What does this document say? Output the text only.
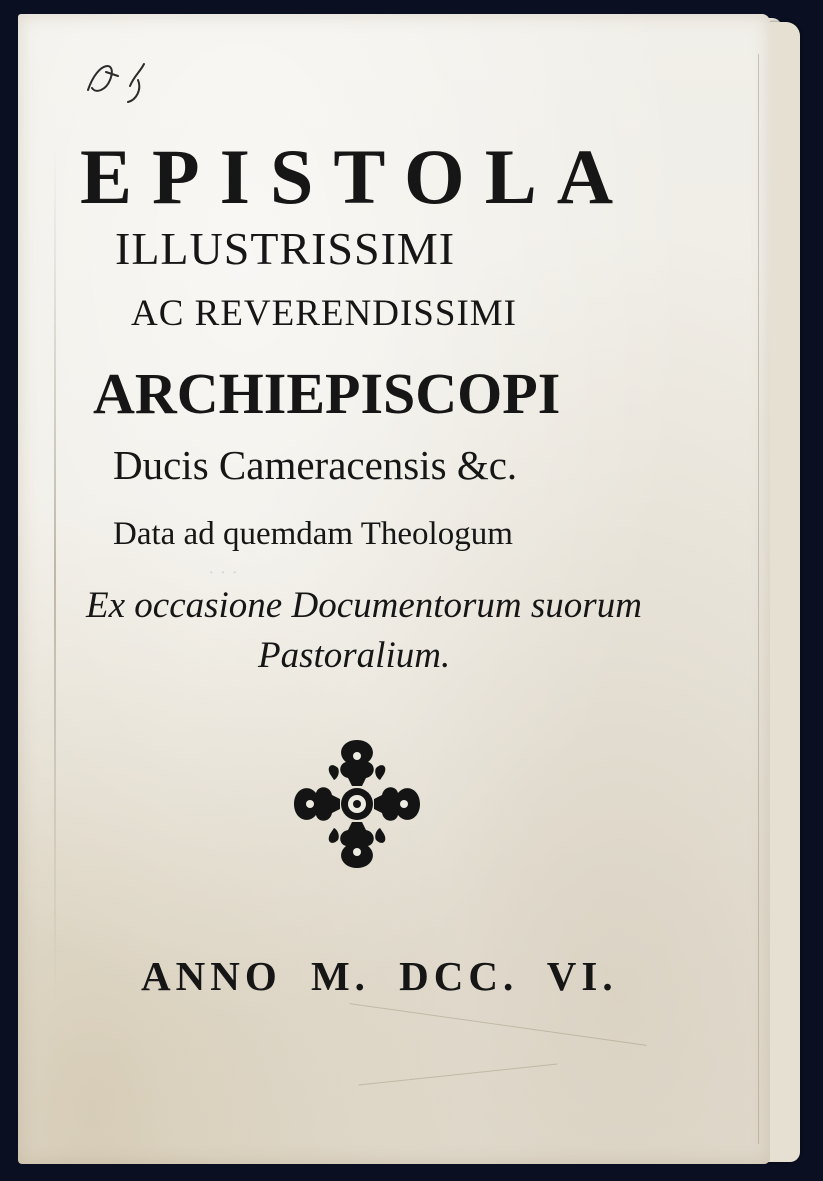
· · ·
EPISTOLA
ILLUSTRISSIMI
AC REVERENDISSIMI
ARCHIEPISCOPI
Ducis Cameracensis &c.
Data ad quemdam Theologum
Ex occasione Documentorum suorum
Pastoralium.
ANNO M. DCC. VI.
